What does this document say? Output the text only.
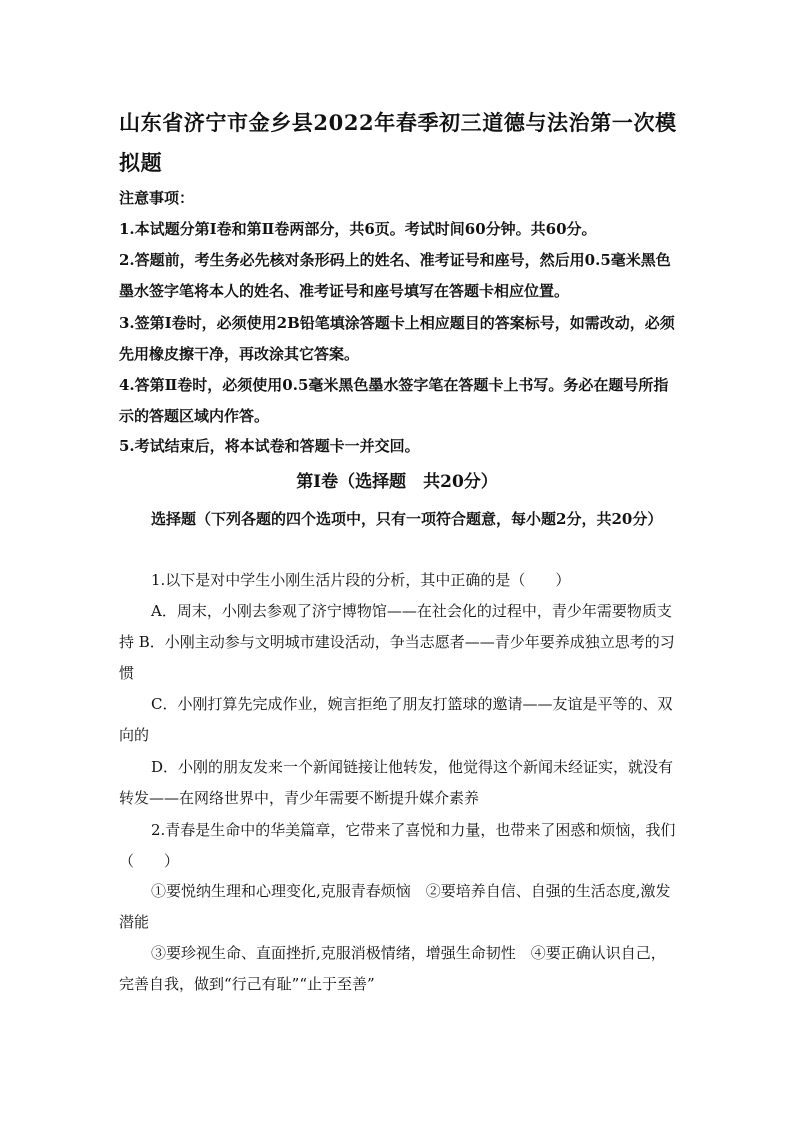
山东省济宁市金乡县2022年春季初三道德与法治第一次模拟题

注意事项：

1.本试题分第Ⅰ卷和第Ⅱ卷两部分，共6页。考试时间60分钟。共60分。

2.答题前，考生务必先核对条形码上的姓名、准考证号和座号，然后用0.5毫米黑色墨水签字笔将本人的姓名、准考证号和座号填写在答题卡相应位置。

3.签第Ⅰ卷时，必须使用2B铅笔填涂答题卡上相应题目的答案标号，如需改动，必须先用橡皮擦干净，再改涂其它答案。

4.答第Ⅱ卷时，必须使用0.5毫米黑色墨水签字笔在答题卡上书写。务必在题号所指示的答题区域内作答。

5.考试结束后，将本试卷和答题卡一并交回。

第Ⅰ卷（选择题　共20分）

选择题（下列各题的四个选项中，只有一项符合题意，每小题2分，共20分）

1.以下是对中学生小刚生活片段的分析，其中正确的是（　　）

A．周末，小刚去参观了济宁博物馆——在社会化的过程中，青少年需要物质支持 B．小刚主动参与文明城市建设活动，争当志愿者——青少年要养成独立思考的习惯

C．小刚打算先完成作业，婉言拒绝了朋友打篮球的邀请——友谊是平等的、双向的

D．小刚的朋友发来一个新闻链接让他转发，他觉得这个新闻未经证实，就没有转发——在网络世界中，青少年需要不断提升媒介素养

2.青春是生命中的华美篇章，它带来了喜悦和力量，也带来了困惑和烦恼，我们（　　）

①要悦纳生理和心理变化,克服青春烦恼　②要培养自信、自强的生活态度,激发潜能

③要珍视生命、直面挫折,克服消极情绪，增强生命韧性　④要正确认识自己，完善自我，做到“行己有耻”“止于至善”
